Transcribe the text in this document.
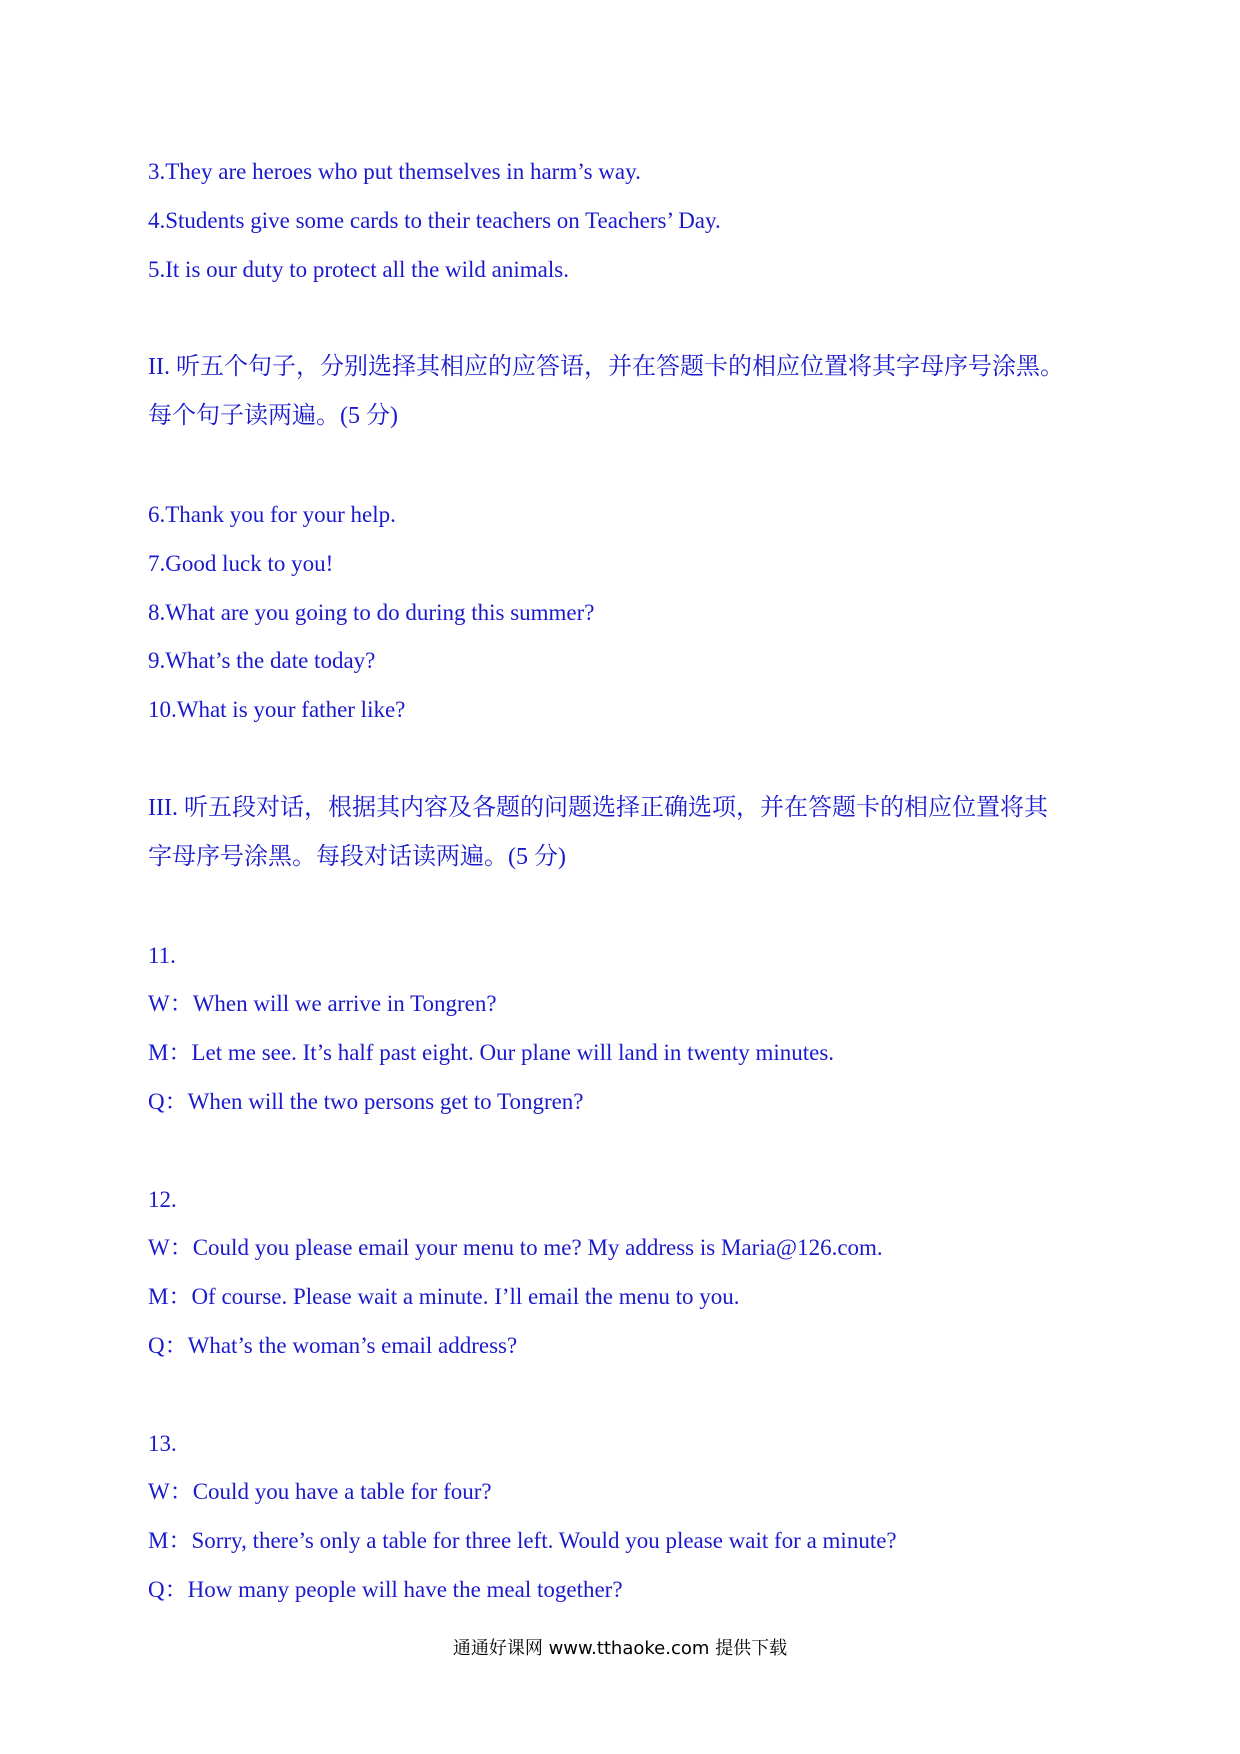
3.They are heroes who put themselves in harm’s way.
4.Students give some cards to their teachers on Teachers’ Day.
5.It is our duty to protect all the wild animals.
II. 听五个句子，分别选择其相应的应答语，并在答题卡的相应位置将其字母序号涂黑。
每个句子读两遍。(5 分)
6.Thank you for your help.
7.Good luck to you!
8.What are you going to do during this summer?
9.What’s the date today?
10.What is your father like?
III. 听五段对话，根据其内容及各题的问题选择正确选项，并在答题卡的相应位置将其
字母序号涂黑。每段对话读两遍。(5 分)
11.
W：When will we arrive in Tongren?
M：Let me see. It’s half past eight. Our plane will land in twenty minutes.
Q：When will the two persons get to Tongren?
12.
W：Could you please email your menu to me? My address is Maria@126.com.
M：Of course. Please wait a minute. I’ll email the menu to you.
Q：What’s the woman’s email address?
13.
W：Could you have a table for four?
M：Sorry, there’s only a table for three left. Would you please wait for a minute?
Q：How many people will have the meal together?
通通好课网 www.tthaoke.com 提供下载
